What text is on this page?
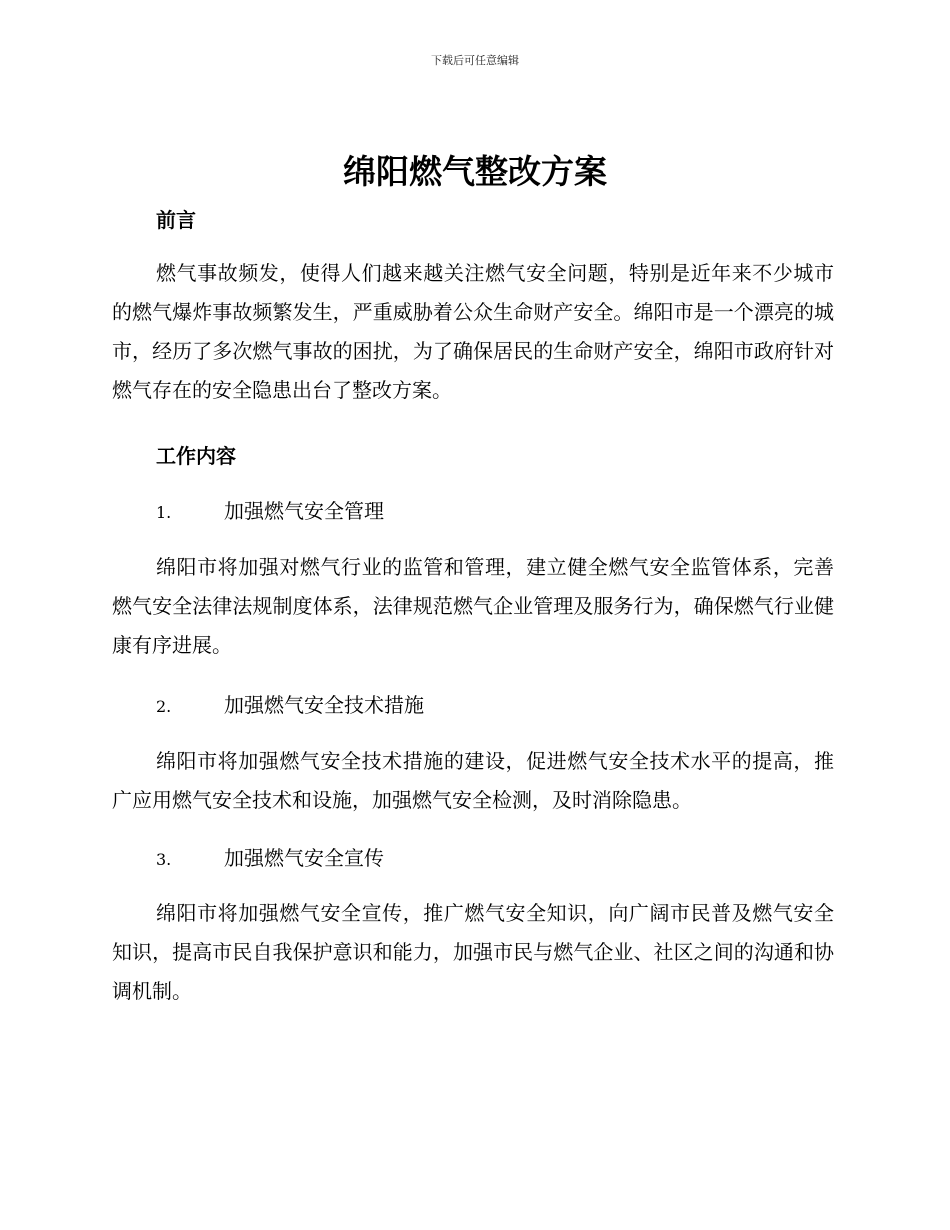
下载后可任意编辑
绵阳燃气整改方案
前言

燃气事故频发，使得人们越来越关注燃气安全问题，特别是近年来不少城市的燃气爆炸事故频繁发生，严重威胁着公众生命财产安全。绵阳市是一个漂亮的城市，经历了多次燃气事故的困扰，为了确保居民的生命财产安全，绵阳市政府针对燃气存在的安全隐患出台了整改方案。

工作内容
1.	加强燃气安全管理

绵阳市将加强对燃气行业的监管和管理，建立健全燃气安全监管体系，完善燃气安全法律法规制度体系，法律规范燃气企业管理及服务行为，确保燃气行业健康有序进展。

2.	加强燃气安全技术措施

绵阳市将加强燃气安全技术措施的建设，促进燃气安全技术水平的提高，推广应用燃气安全技术和设施，加强燃气安全检测，及时消除隐患。

3.	加强燃气安全宣传

绵阳市将加强燃气安全宣传，推广燃气安全知识，向广阔市民普及燃气安全知识，提高市民自我保护意识和能力，加强市民与燃气企业、社区之间的沟通和协调机制。
